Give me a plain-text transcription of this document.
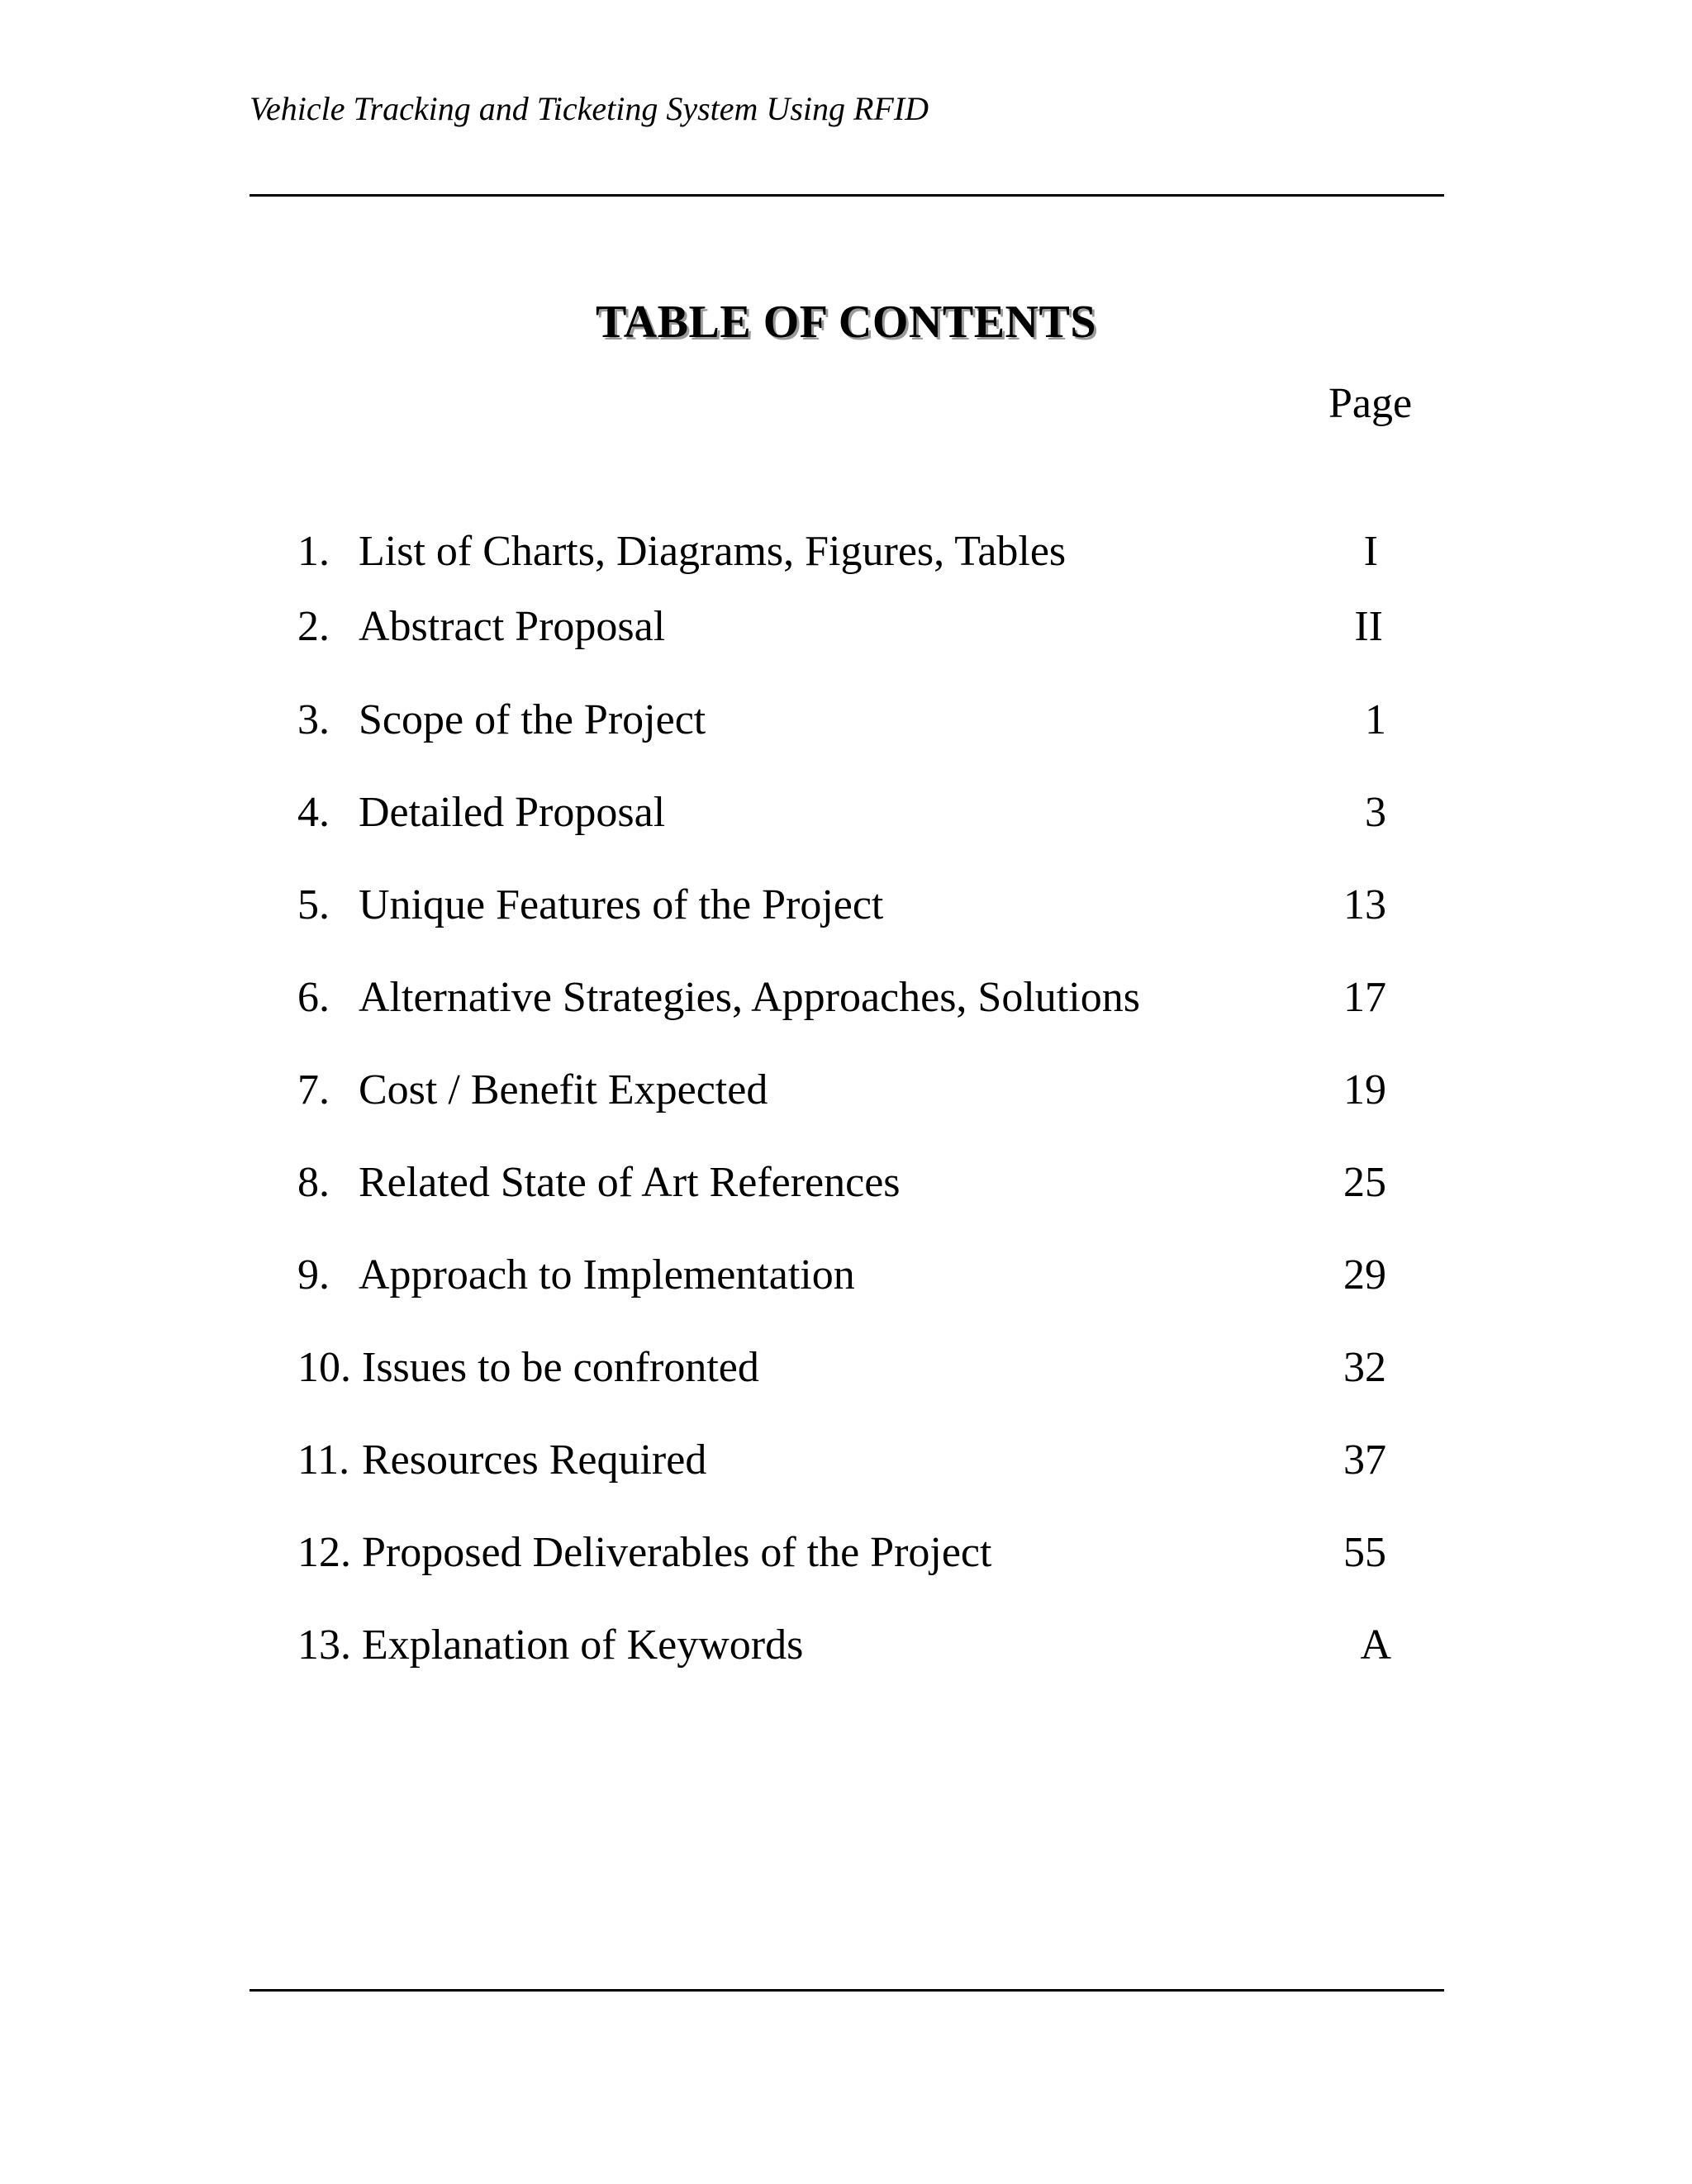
Vehicle Tracking and Ticketing System Using RFID
TABLE OF CONTENTS
Page
1. List of Charts, Diagrams, Figures, Tables	I
2. Abstract Proposal	II
3. Scope of the Project	1
4. Detailed Proposal	3
5. Unique Features of the Project	13
6. Alternative Strategies, Approaches, Solutions	17
7. Cost / Benefit Expected	19
8. Related State of Art References	25
9. Approach to Implementation	29
10. Issues to be confronted	32
11. Resources Required	37
12. Proposed Deliverables of the Project	55
13. Explanation of Keywords	A
